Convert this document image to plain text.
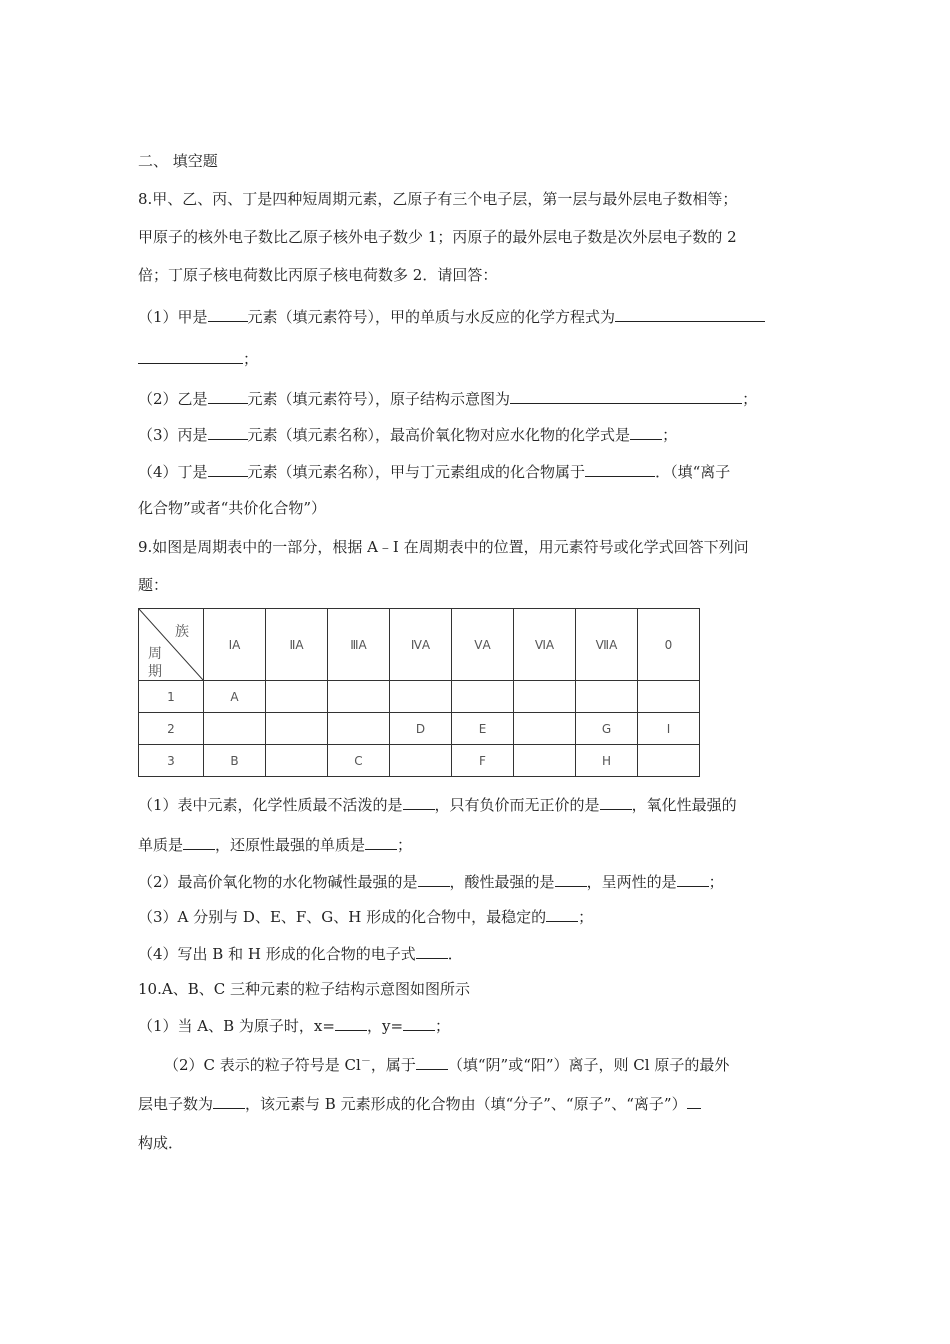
二、 填空题
8.甲、乙、丙、丁是四种短周期元素，乙原子有三个电子层，第一层与最外层电子数相等；
甲原子的核外电子数比乙原子核外电子数少 1；丙原子的最外层电子数是次外层电子数的 2
倍；丁原子核电荷数比丙原子核电荷数多 2．请回答：
（1）甲是	元素（填元素符号），甲的单质与水反应的化学方程式为
；
（2）乙是	元素（填元素符号），原子结构示意图为	；
（3）丙是	元素（填元素名称），最高价氧化物对应水化物的化学式是 ；
（4）丁是	元素（填元素名称），甲与丁元素组成的化合物属于	．（填“离子
化合物”或者“共价化合物”）
9.如图是周期表中的一部分，根据 A﹣I 在周期表中的位置，用元素符号或化学式回答下列问
题：
族
周期	ⅠA	ⅡA	ⅢA	ⅣA	ⅤA	ⅥA	ⅦA	0
1	A							
2				D	E		G	I
3	B		C		F		H	
（1）表中元素，化学性质最不活泼的是 ，只有负价而无正价的是 ，氧化性最强的
单质是 ，还原性最强的单质是 ；
（2）最高价氧化物的水化物碱性最强的是 ，酸性最强的是 ，呈两性的是 ；
（3）A 分别与 D、E、F、G、H 形成的化合物中，最稳定的 ；
（4）写出 B 和 H 形成的化合物的电子式 ．
10.A、B、C 三种元素的粒子结构示意图如图所示
（1）当 A、B 为原子时，x= ，y= ；
（2）C 表示的粒子符号是 Cl－，属于 （填“阴”或“阳”）离子，则 Cl 原子的最外
层电子数为 ，该元素与 B 元素形成的化合物由（填“分子”、“原子”、“离子”）
构成．
